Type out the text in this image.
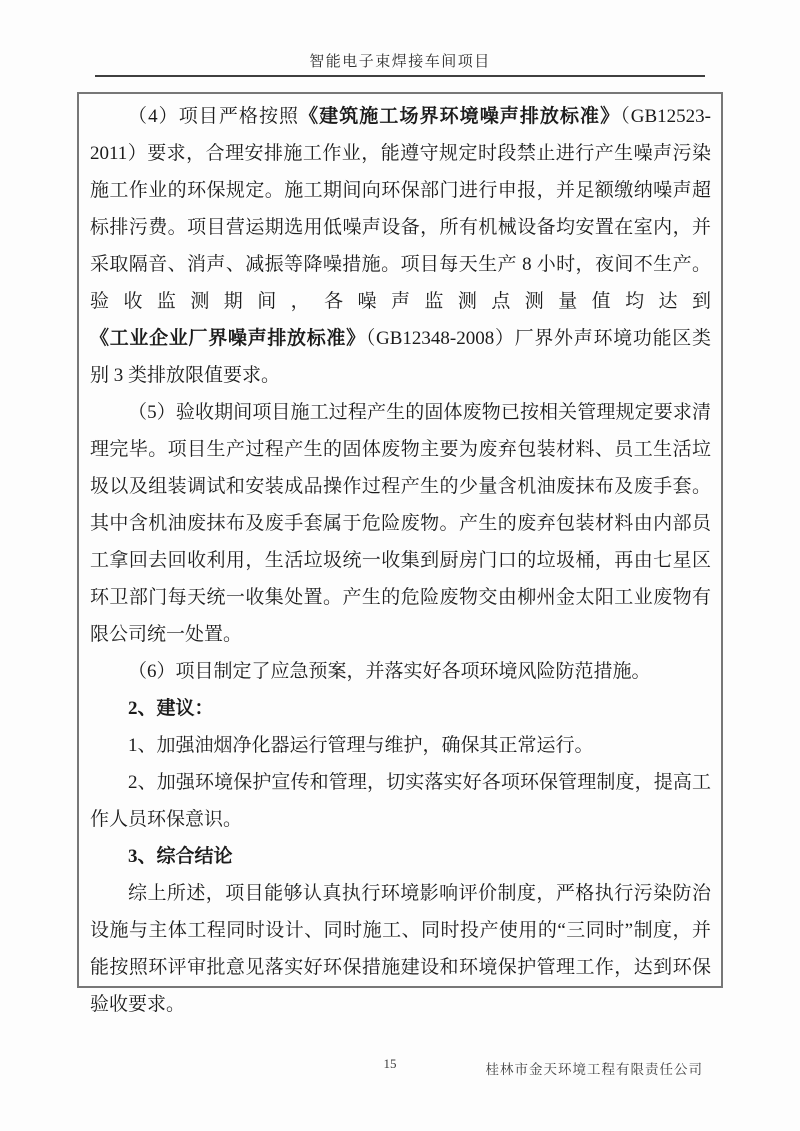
智能电子束焊接车间项目

（4）项目严格按照《建筑施工场界环境噪声排放标准》（GB12523-2011）要求，合理安排施工作业，能遵守规定时段禁止进行产生噪声污染施工作业的环保规定。施工期间向环保部门进行申报，并足额缴纳噪声超标排污费。项目营运期选用低噪声设备，所有机械设备均安置在室内，并采取隔音、消声、减振等降噪措施。项目每天生产 8 小时，夜间不生产。验收监测期间，各噪声监测点测量值均达到《工业企业厂界噪声排放标准》（GB12348-2008）厂界外声环境功能区类别 3 类排放限值要求。

（5）验收期间项目施工过程产生的固体废物已按相关管理规定要求清理完毕。项目生产过程产生的固体废物主要为废弃包装材料、员工生活垃圾以及组装调试和安装成品操作过程产生的少量含机油废抹布及废手套。其中含机油废抹布及废手套属于危险废物。产生的废弃包装材料由内部员工拿回去回收利用，生活垃圾统一收集到厨房门口的垃圾桶，再由七星区环卫部门每天统一收集处置。产生的危险废物交由柳州金太阳工业废物有限公司统一处置。

（6）项目制定了应急预案，并落实好各项环境风险防范措施。

2、建议：

1、加强油烟净化器运行管理与维护，确保其正常运行。

2、加强环境保护宣传和管理，切实落实好各项环保管理制度，提高工作人员环保意识。

3、综合结论

综上所述，项目能够认真执行环境影响评价制度，严格执行污染防治设施与主体工程同时设计、同时施工、同时投产使用的“三同时”制度，并能按照环评审批意见落实好环保措施建设和环境保护管理工作，达到环保验收要求。

15	桂林市金天环境工程有限责任公司
